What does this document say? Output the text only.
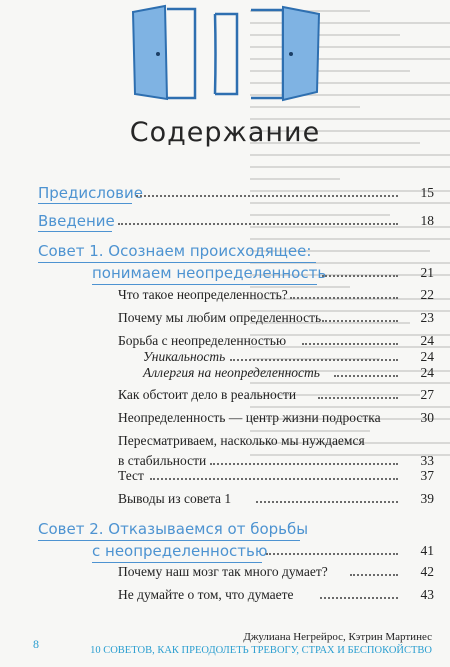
Содержание
Предисловие	15
Введение	18
Совет 1. Осознаем происходящее:
понимаем неопределенность	21
Что такое неопределенность?	22
Почему мы любим определенность	23
Борьба с неопределенностью	24
Уникальность	24
Аллергия на неопределенность	24
Как обстоит дело в реальности	27
Неопределенность — центр жизни подростка	30
Пересматриваем, насколько мы нуждаемся
в стабильности	33
Тест	37
Выводы из совета 1	39
Совет 2. Отказываемся от борьбы
с неопределенностью	41
Почему наш мозг так много думает?	42
Не думайте о том, что думаете	43
8	Джулиана Негрейрос, Кэтрин Мартинес
10 СОВЕТОВ, КАК ПРЕОДОЛЕТЬ ТРЕВОГУ, СТРАХ И БЕСПОКОЙСТВО
